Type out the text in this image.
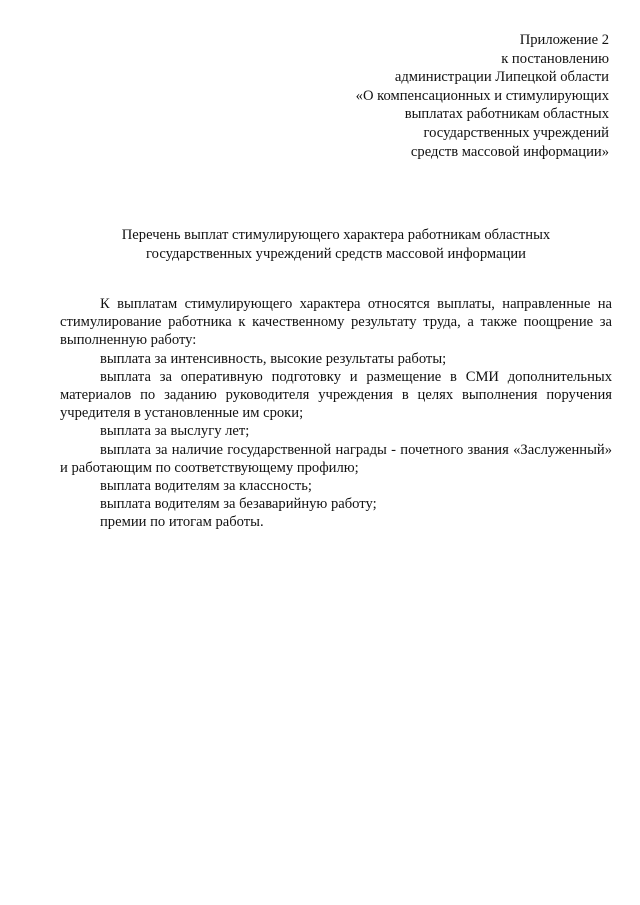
Приложение 2
к постановлению
администрации Липецкой области
«О компенсационных и стимулирующих
выплатах работникам областных
государственных учреждений
средств массовой информации»
Перечень выплат стимулирующего характера работникам областных
государственных учреждений средств массовой информации

К выплатам стимулирующего характера относятся выплаты, направленные на стимулирование работника к качественному результату труда, а также поощрение за выполненную работу:

выплата за интенсивность, высокие результаты работы;

выплата за оперативную подготовку и размещение в СМИ дополнительных материалов по заданию руководителя учреждения в целях выполнения поручения учредителя в установленные им сроки;

выплата за выслугу лет;

выплата за наличие государственной награды - почетного звания «Заслуженный» и работающим по соответствующему профилю;

выплата водителям за классность;

выплата водителям за безаварийную работу;

премии по итогам работы.
